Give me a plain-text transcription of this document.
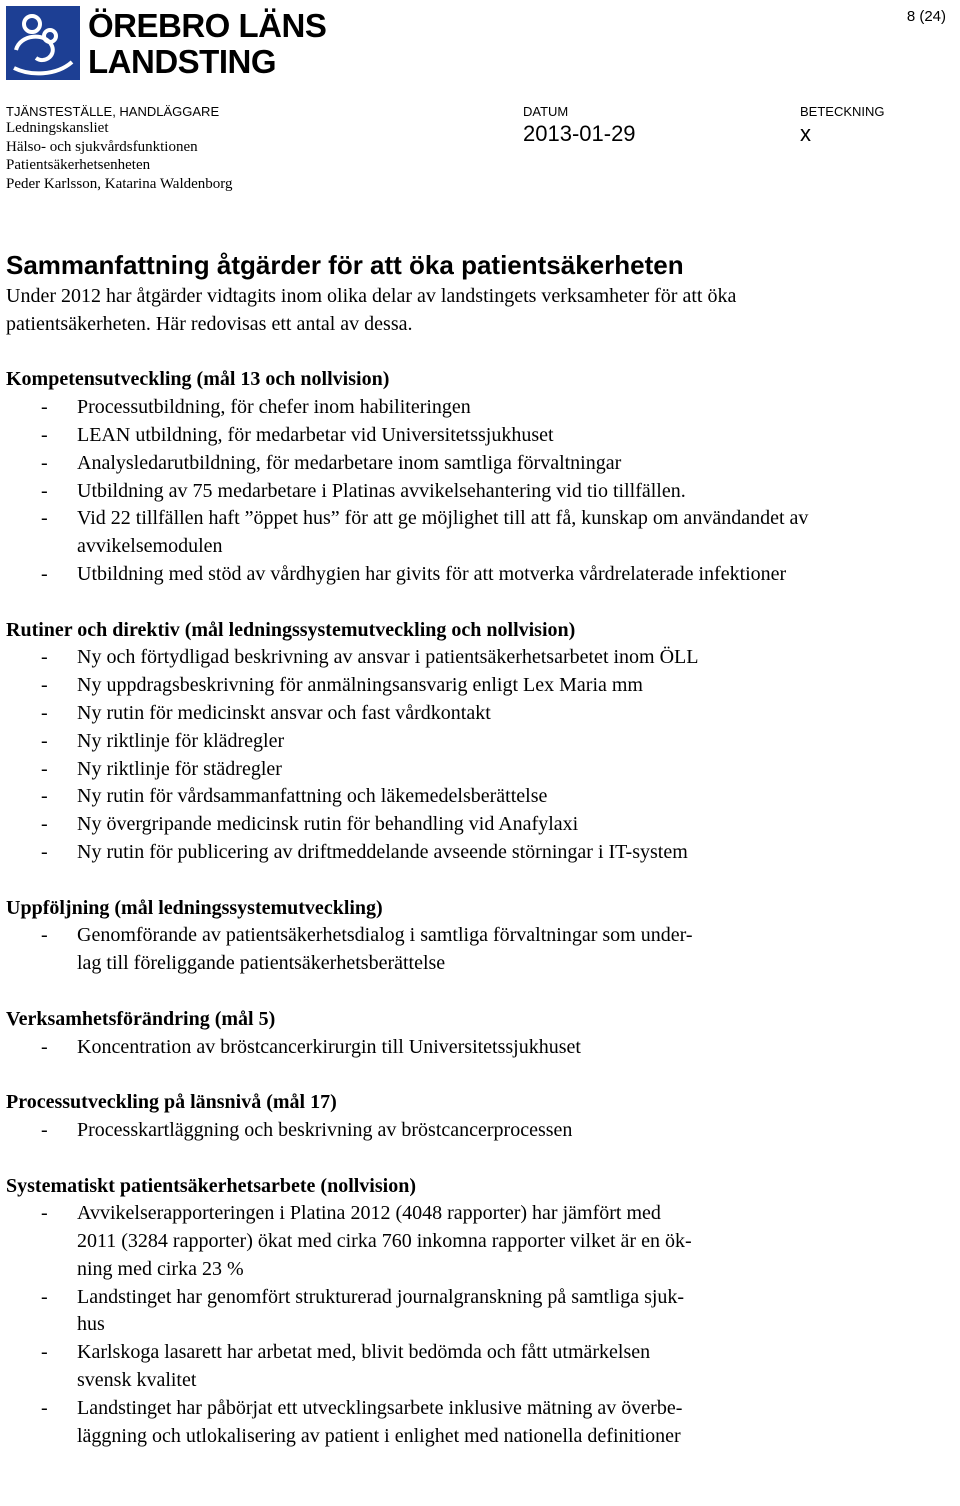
ÖREBRO LÄNS
LANDSTING
8 (24)
TJÄNSTESTÄLLE, HANDLÄGGARE	DATUM	BETECKNING
Ledningskansliet
Hälso- och sjukvårdsfunktionen
Patientsäkerhetsenheten
Peder Karlsson, Katarina Waldenborg
2013-01-29	x
Sammanfattning åtgärder för att öka patientsäkerheten

Under 2012 har åtgärder vidtagits inom olika delar av landstingets verksamheter för att öka patientsäkerheten. Här redovisas ett antal av dessa.

Kompetensutveckling (mål 13 och nollvision)
- Processutbildning, för chefer inom habiliteringen
- LEAN utbildning, för medarbetar vid Universitetssjukhuset
- Analysledarutbildning, för medarbetare inom samtliga förvaltningar
- Utbildning av 75 medarbetare i Platinas avvikelsehantering vid tio tillfällen.
- Vid 22 tillfällen haft ”öppet hus” för att ge möjlighet till att få, kunskap om användandet av avvikelsemodulen
- Utbildning med stöd av vårdhygien har givits för att motverka vårdrelaterade infektioner
Rutiner och direktiv (mål ledningssystemutveckling och nollvision)
- Ny och förtydligad beskrivning av ansvar i patientsäkerhetsarbetet inom ÖLL
- Ny uppdragsbeskrivning för anmälningsansvarig enligt Lex Maria mm
- Ny rutin för medicinskt ansvar och fast vårdkontakt
- Ny riktlinje för klädregler
- Ny riktlinje för städregler
- Ny rutin för vårdsammanfattning och läkemedelsberättelse
- Ny övergripande medicinsk rutin för behandling vid Anafylaxi
- Ny rutin för publicering av driftmeddelande avseende störningar i IT-system
Uppföljning (mål ledningssystemutveckling)
- Genomförande av patientsäkerhetsdialog i samtliga förvaltningar som under-
lag till föreliggande patientsäkerhetsberättelse
Verksamhetsförändring (mål 5)
- Koncentration av bröstcancerkirurgin till Universitetssjukhuset
Processutveckling på länsnivå (mål 17)
- Processkartläggning och beskrivning av bröstcancerprocessen
Systematiskt patientsäkerhetsarbete (nollvision)
- Avvikelserapporteringen i Platina 2012 (4048 rapporter) har jämfört med
2011 (3284 rapporter) ökat med cirka 760 inkomna rapporter vilket är en ök-
ning med cirka 23 %
- Landstinget har genomfört strukturerad journalgranskning på samtliga sjuk-
hus
- Karlskoga lasarett har arbetat med, blivit bedömda och fått utmärkelsen
svensk kvalitet
- Landstinget har påbörjat ett utvecklingsarbete inklusive mätning av överbe-
läggning och utlokalisering av patient i enlighet med nationella definitioner
